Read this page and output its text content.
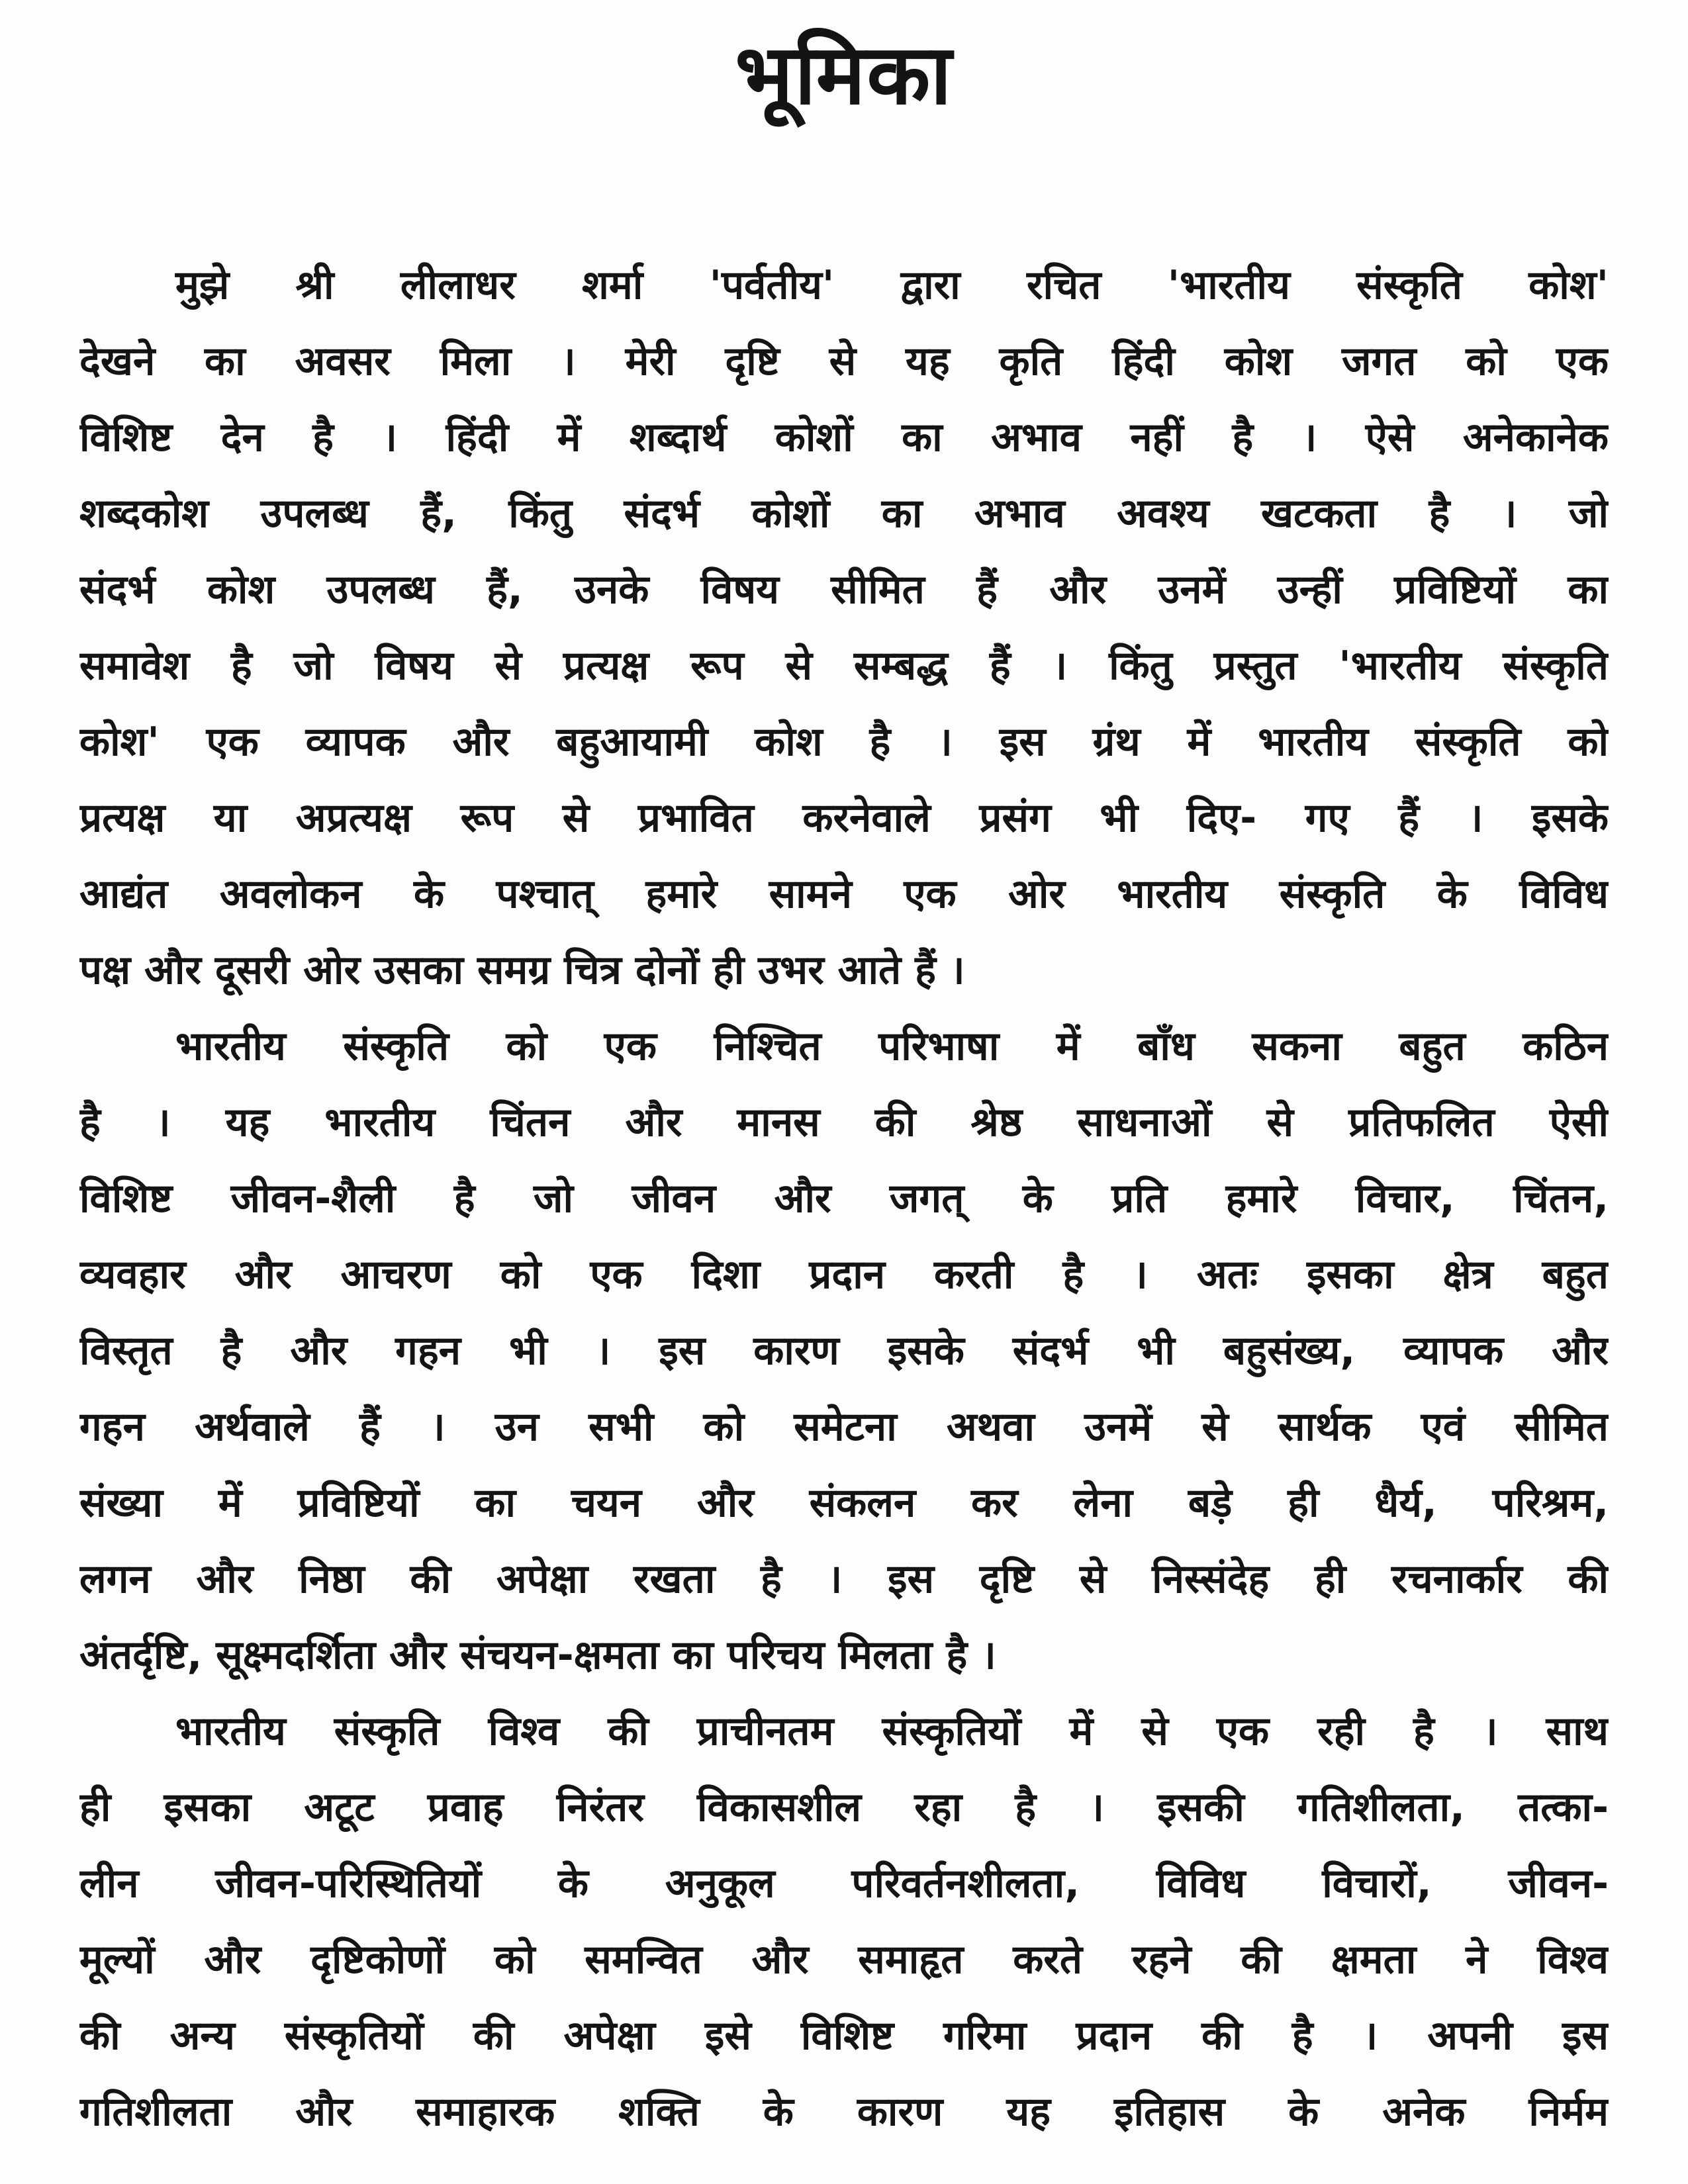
भूमिका
मुझे श्री लीलाधर शर्मा 'पर्वतीय' द्वारा रचित 'भारतीय संस्कृति कोश'
देखने का अवसर मिला । मेरी दृष्टि से यह कृति हिंदी कोश जगत को एक
विशिष्ट देन है । हिंदी में शब्दार्थ कोशों का अभाव नहीं है । ऐसे अनेकानेक
शब्दकोश उपलब्ध हैं, किंतु संदर्भ कोशों का अभाव अवश्य खटकता है । जो
संदर्भ कोश उपलब्ध हैं, उनके विषय सीमित हैं और उनमें उन्हीं प्रविष्टियों का
समावेश है जो विषय से प्रत्यक्ष रूप से सम्बद्ध हैं । किंतु प्रस्तुत 'भारतीय संस्कृति
कोश' एक व्यापक और बहुआयामी कोश है । इस ग्रंथ में भारतीय संस्कृति को
प्रत्यक्ष या अप्रत्यक्ष रूप से प्रभावित करनेवाले प्रसंग भी दिए- गए हैं । इसके
आद्यंत अवलोकन के पश्चात् हमारे सामने एक ओर भारतीय संस्कृति के विविध
पक्ष और दूसरी ओर उसका समग्र चित्र दोनों ही उभर आते हैं ।
भारतीय संस्कृति को एक निश्चित परिभाषा में बाँध सकना बहुत कठिन
है । यह भारतीय चिंतन और मानस की श्रेष्ठ साधनाओं से प्रतिफलित ऐसी
विशिष्ट जीवन-शैली है जो जीवन और जगत् के प्रति हमारे विचार, चिंतन,
व्यवहार और आचरण को एक दिशा प्रदान करती है । अतः इसका क्षेत्र बहुत
विस्तृत है और गहन भी । इस कारण इसके संदर्भ भी बहुसंख्य, व्यापक और
गहन अर्थवाले हैं । उन सभी को समेटना अथवा उनमें से सार्थक एवं सीमित
संख्या में प्रविष्टियों का चयन और संकलन कर लेना बड़े ही धैर्य, परिश्रम,
लगन और निष्ठा की अपेक्षा रखता है । इस दृष्टि से निस्संदेह ही रचनार्कार की
अंतर्दृष्टि, सूक्ष्मदर्शिता और संचयन-क्षमता का परिचय मिलता है ।
भारतीय संस्कृति विश्व की प्राचीनतम संस्कृतियों में से एक रही है । साथ
ही इसका अटूट प्रवाह निरंतर विकासशील रहा है । इसकी गतिशीलता, तत्का-
लीन जीवन-परिस्थितियों के अनुकूल परिवर्तनशीलता, विविध विचारों, जीवन-
मूल्यों और दृष्टिकोणों को समन्वित और समाहृत करते रहने की क्षमता ने विश्व
की अन्य संस्कृतियों की अपेक्षा इसे विशिष्ट गरिमा प्रदान की है । अपनी इस
गतिशीलता और समाहारक शक्ति के कारण यह इतिहास के अनेक निर्मम
